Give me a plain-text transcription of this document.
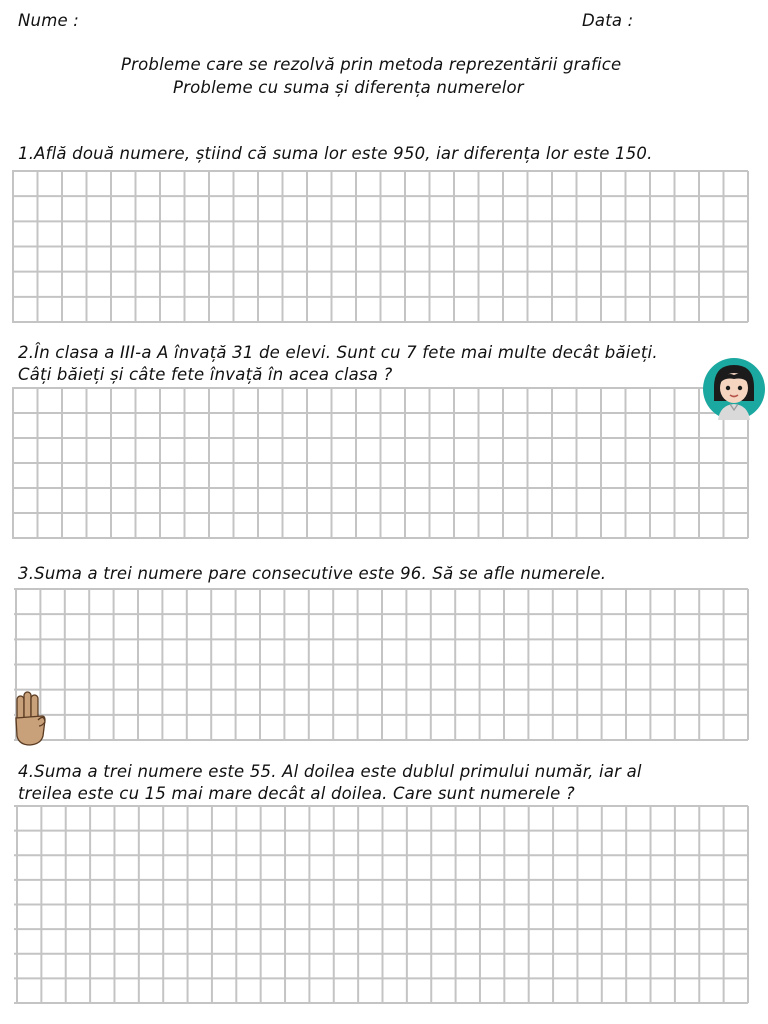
Nume :	Data :
Probleme care se rezolvă prin metoda reprezentării grafice
Probleme cu suma și diferența numerelor
1.Află două numere, știind că suma lor este 950, iar diferența lor este 150.
2.În clasa a III-a A învață 31 de elevi. Sunt cu 7 fete mai multe decât băieți.
Câți băieți și câte fete învață în acea clasa ?
3.Suma a trei numere pare consecutive este 96. Să se afle numerele.
4.Suma a trei numere este 55. Al doilea este dublul primului număr, iar al
treilea este cu 15 mai mare decât al doilea. Care sunt numerele ?
